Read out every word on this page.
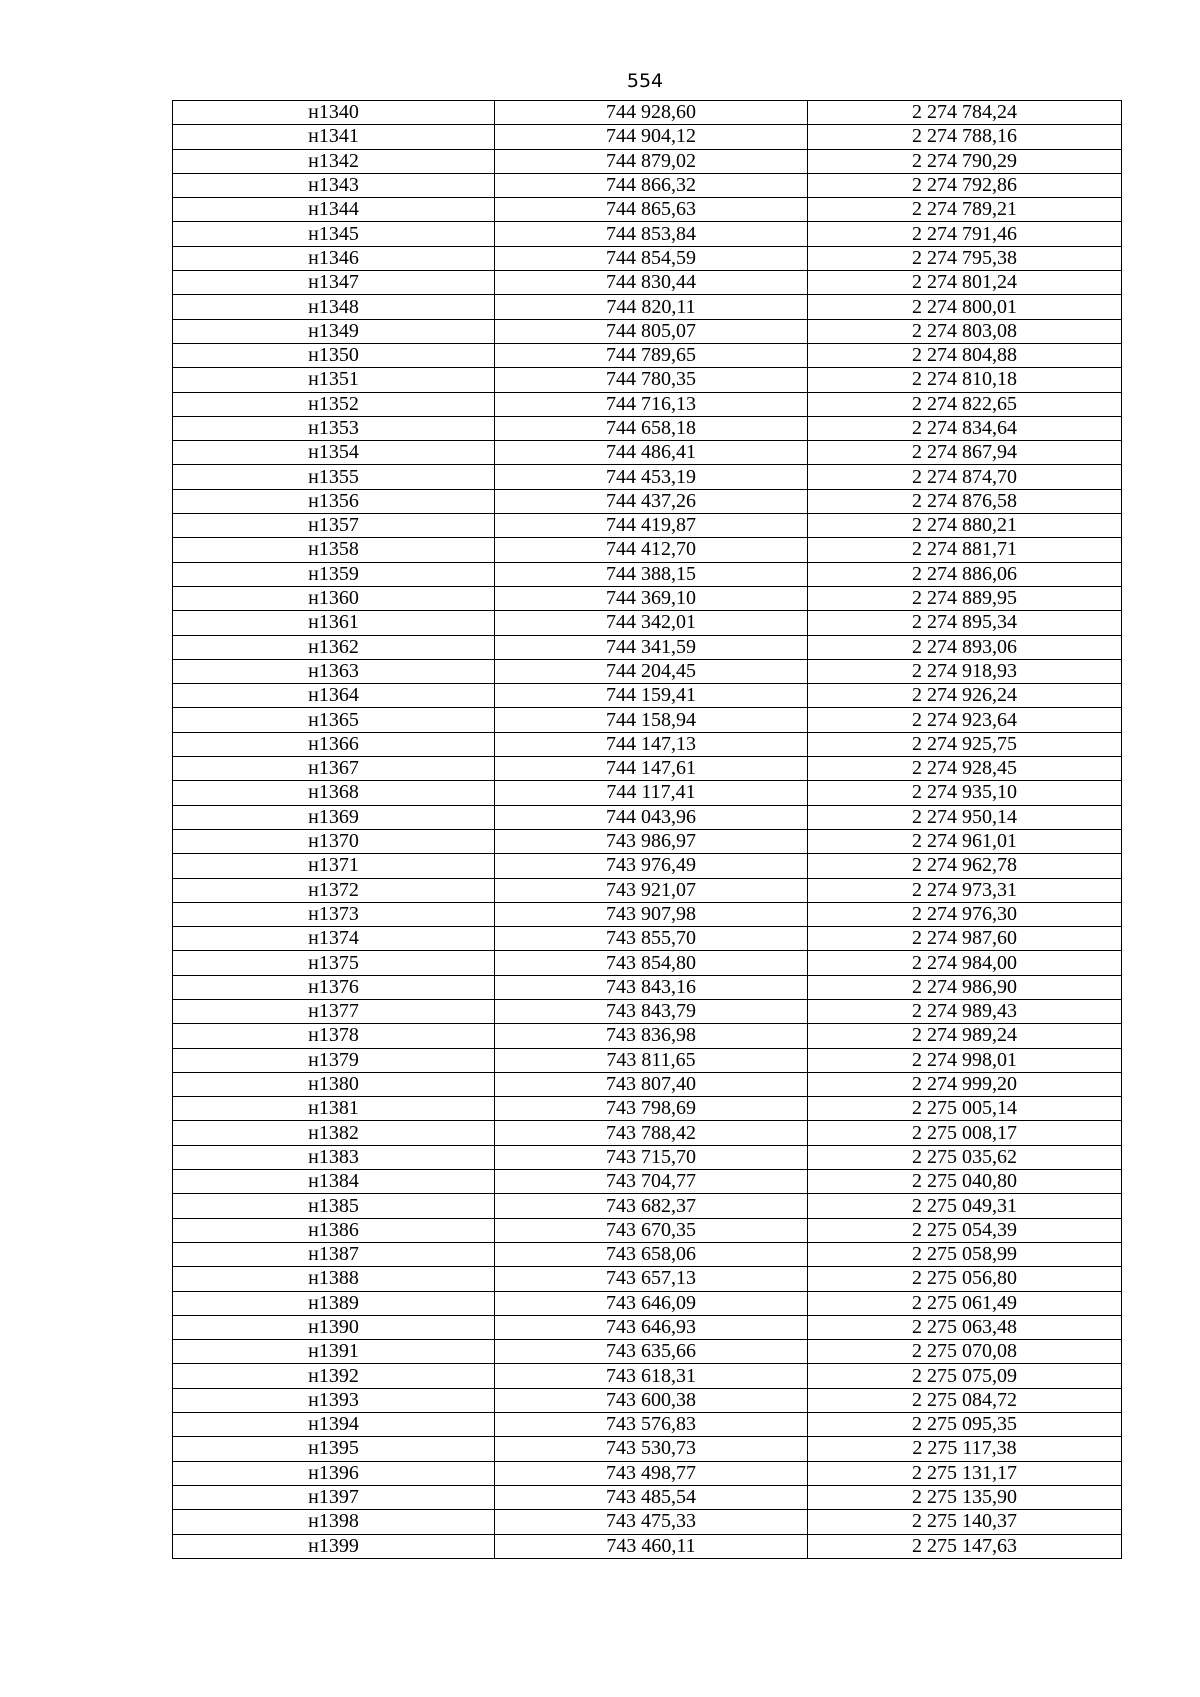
554
н1340	744 928,60	2 274 784,24
н1341	744 904,12	2 274 788,16
н1342	744 879,02	2 274 790,29
н1343	744 866,32	2 274 792,86
н1344	744 865,63	2 274 789,21
н1345	744 853,84	2 274 791,46
н1346	744 854,59	2 274 795,38
н1347	744 830,44	2 274 801,24
н1348	744 820,11	2 274 800,01
н1349	744 805,07	2 274 803,08
н1350	744 789,65	2 274 804,88
н1351	744 780,35	2 274 810,18
н1352	744 716,13	2 274 822,65
н1353	744 658,18	2 274 834,64
н1354	744 486,41	2 274 867,94
н1355	744 453,19	2 274 874,70
н1356	744 437,26	2 274 876,58
н1357	744 419,87	2 274 880,21
н1358	744 412,70	2 274 881,71
н1359	744 388,15	2 274 886,06
н1360	744 369,10	2 274 889,95
н1361	744 342,01	2 274 895,34
н1362	744 341,59	2 274 893,06
н1363	744 204,45	2 274 918,93
н1364	744 159,41	2 274 926,24
н1365	744 158,94	2 274 923,64
н1366	744 147,13	2 274 925,75
н1367	744 147,61	2 274 928,45
н1368	744 117,41	2 274 935,10
н1369	744 043,96	2 274 950,14
н1370	743 986,97	2 274 961,01
н1371	743 976,49	2 274 962,78
н1372	743 921,07	2 274 973,31
н1373	743 907,98	2 274 976,30
н1374	743 855,70	2 274 987,60
н1375	743 854,80	2 274 984,00
н1376	743 843,16	2 274 986,90
н1377	743 843,79	2 274 989,43
н1378	743 836,98	2 274 989,24
н1379	743 811,65	2 274 998,01
н1380	743 807,40	2 274 999,20
н1381	743 798,69	2 275 005,14
н1382	743 788,42	2 275 008,17
н1383	743 715,70	2 275 035,62
н1384	743 704,77	2 275 040,80
н1385	743 682,37	2 275 049,31
н1386	743 670,35	2 275 054,39
н1387	743 658,06	2 275 058,99
н1388	743 657,13	2 275 056,80
н1389	743 646,09	2 275 061,49
н1390	743 646,93	2 275 063,48
н1391	743 635,66	2 275 070,08
н1392	743 618,31	2 275 075,09
н1393	743 600,38	2 275 084,72
н1394	743 576,83	2 275 095,35
н1395	743 530,73	2 275 117,38
н1396	743 498,77	2 275 131,17
н1397	743 485,54	2 275 135,90
н1398	743 475,33	2 275 140,37
н1399	743 460,11	2 275 147,63
